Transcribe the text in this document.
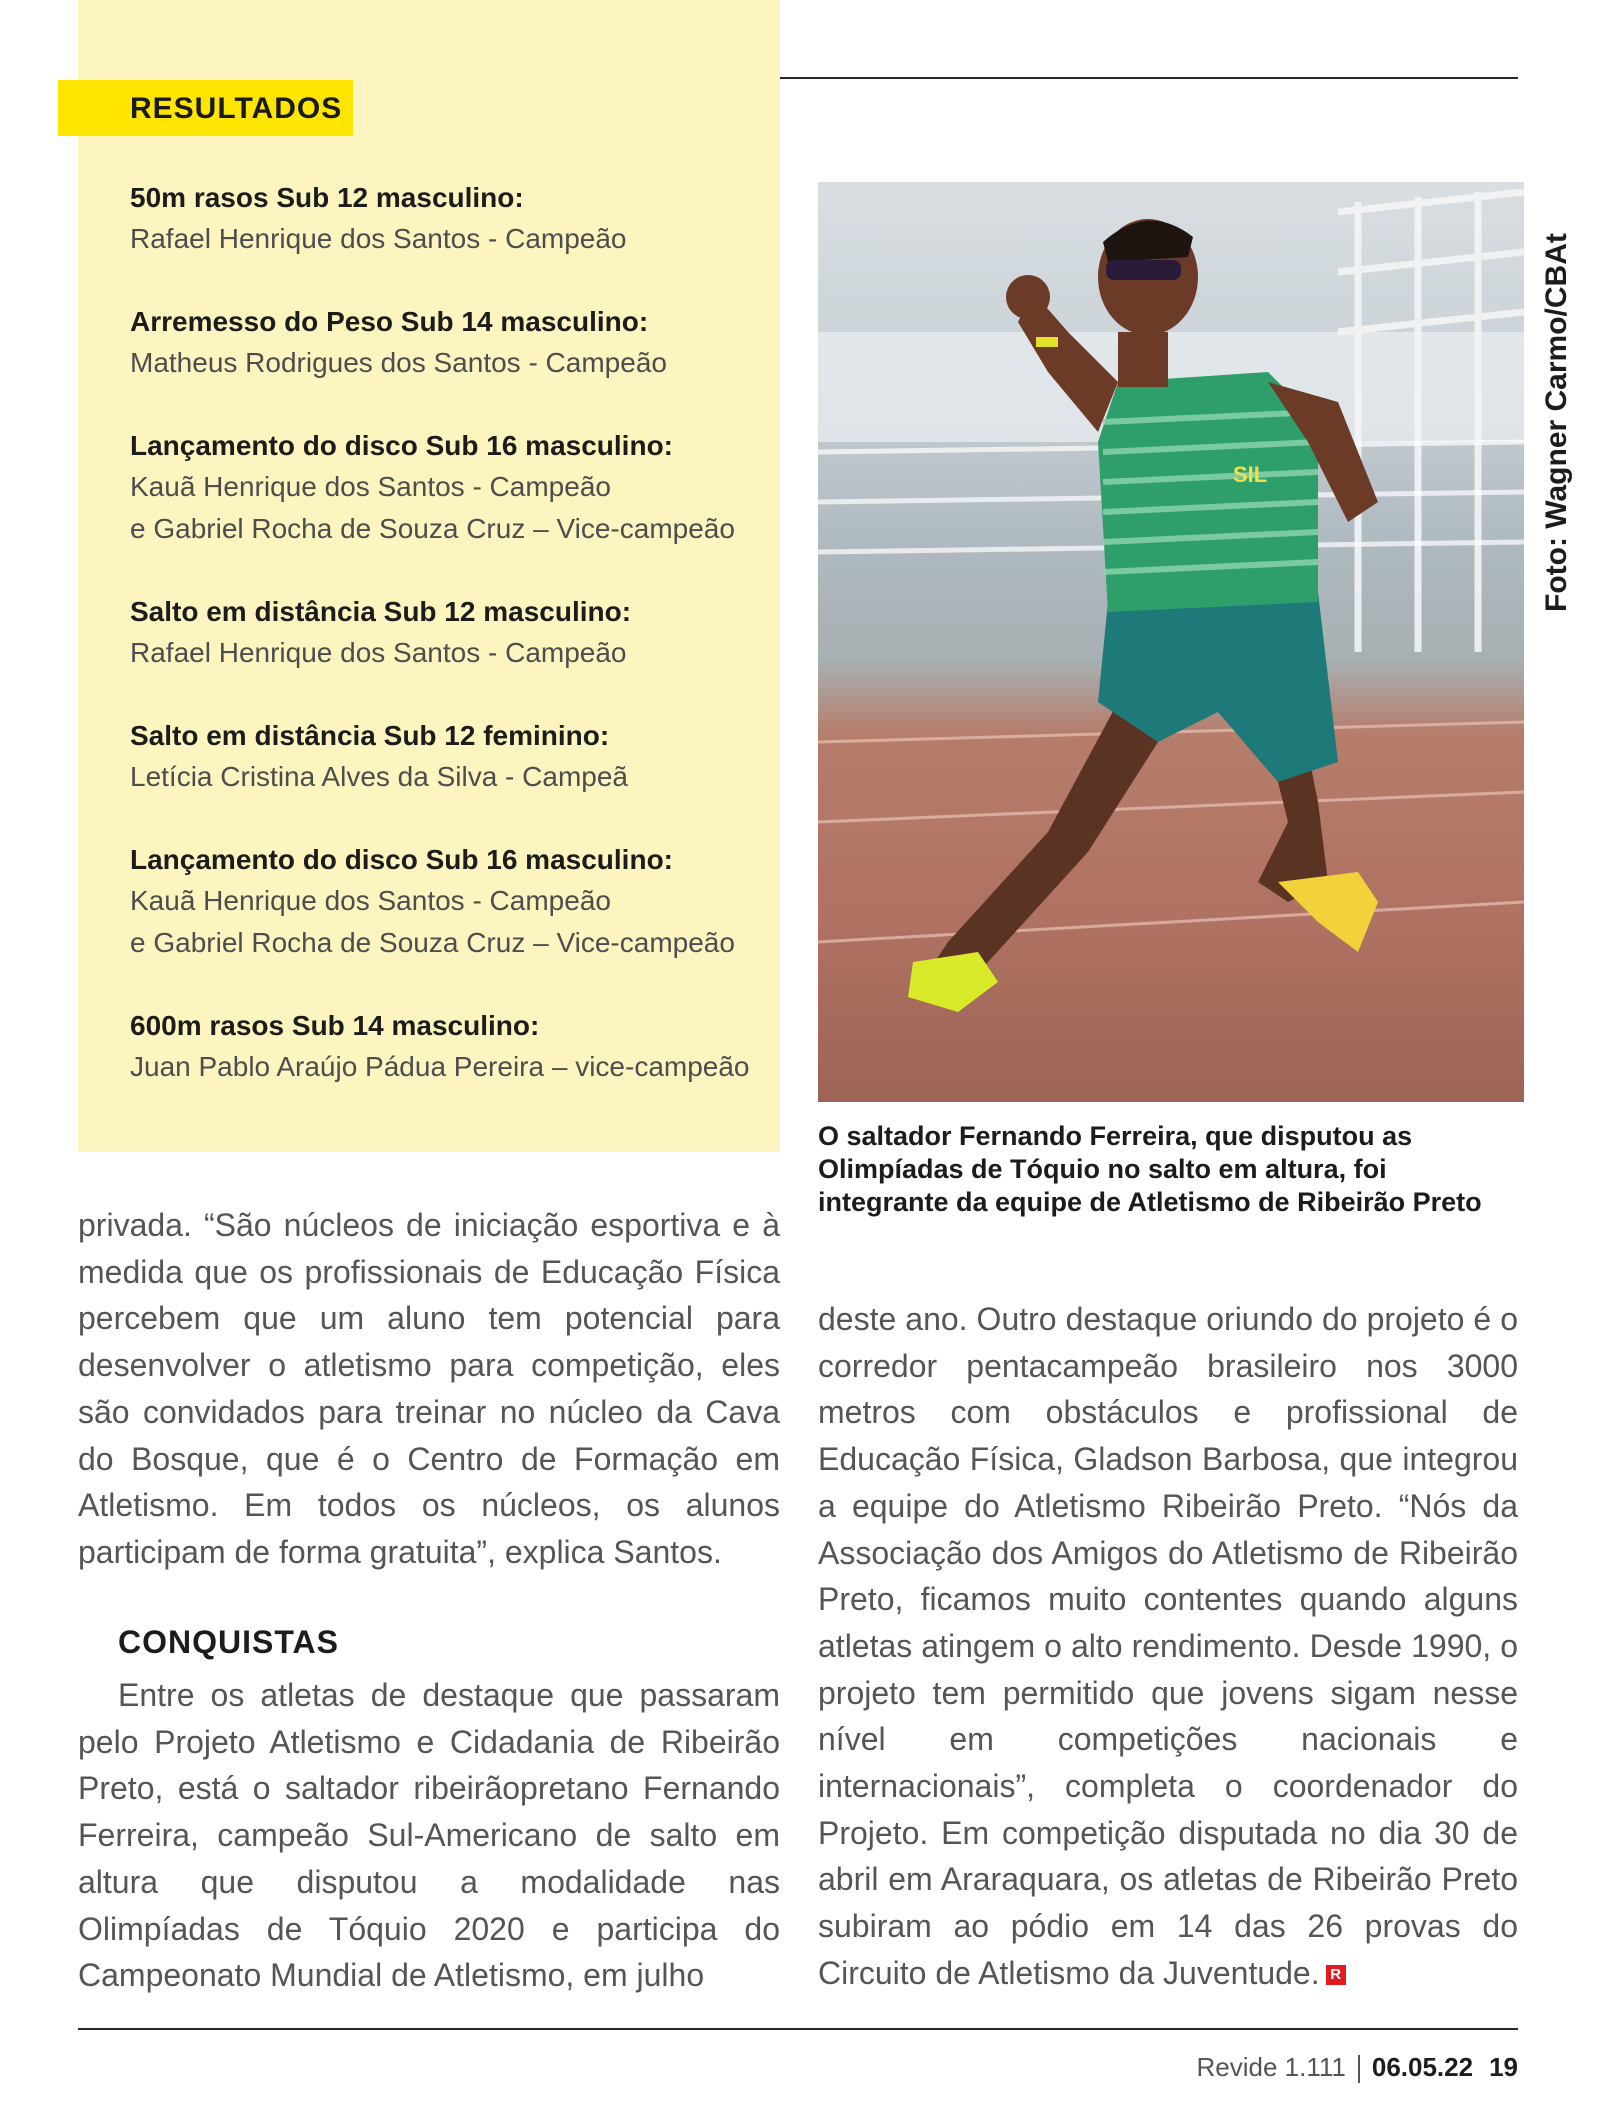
RESULTADOS
50m rasos Sub 12 masculino:
Rafael Henrique dos Santos - Campeão
Arremesso do Peso Sub 14 masculino:
Matheus Rodrigues dos Santos - Campeão
Lançamento do disco Sub 16 masculino:
Kauã Henrique dos Santos - Campeão
e Gabriel Rocha de Souza Cruz – Vice-campeão
Salto em distância Sub 12 masculino:
Rafael Henrique dos Santos - Campeão
Salto em distância Sub 12 feminino:
Letícia Cristina Alves da Silva - Campeã
Lançamento do disco Sub 16 masculino:
Kauã Henrique dos Santos - Campeão
e Gabriel Rocha de Souza Cruz – Vice-campeão
600m rasos Sub 14 masculino:
Juan Pablo Araújo Pádua Pereira – vice-campeão
SIL	Foto: Wagner Carmo/CBAt
O saltador Fernando Ferreira, que disputou as Olimpíadas de Tóquio no salto em altura, foi integrante da equipe de Atletismo de Ribeirão Preto

privada. “São núcleos de iniciação esportiva e à medida que os profissionais de Educação Física percebem que um aluno tem potencial para desenvolver o atletismo para competição, eles são convidados para treinar no núcleo da Cava do Bosque, que é o Centro de Formação em Atletismo. Em todos os núcleos, os alunos participam de forma gratuita”, explica Santos.

CONQUISTAS

Entre os atletas de destaque que passaram pelo Projeto Atletismo e Cidadania de Ribeirão Preto, está o saltador ribeirãopretano Fernando Ferreira, campeão Sul-Americano de salto em altura que disputou a modalidade nas Olimpíadas de Tóquio 2020 e participa do Campeonato Mundial de Atletismo, em julho

deste ano. Outro destaque oriundo do projeto é o corredor pentacampeão brasileiro nos 3000 metros com obstáculos e profissional de Educação Física, Gladson Barbosa, que integrou a equipe do Atletismo Ribeirão Preto. “Nós da Associação dos Amigos do Atletismo de Ribeirão Preto, ficamos muito contentes quando alguns atletas atingem o alto rendimento. Desde 1990, o projeto tem permitido que jovens sigam nesse nível em competições nacionais e internacionais”, completa o coordenador do Projeto. Em competição disputada no dia 30 de abril em Araraquara, os atletas de Ribeirão Preto subiram ao pódio em 14 das 26 provas do Circuito de Atletismo da Juventude. R

Revide 1.111 06.05.22 19
